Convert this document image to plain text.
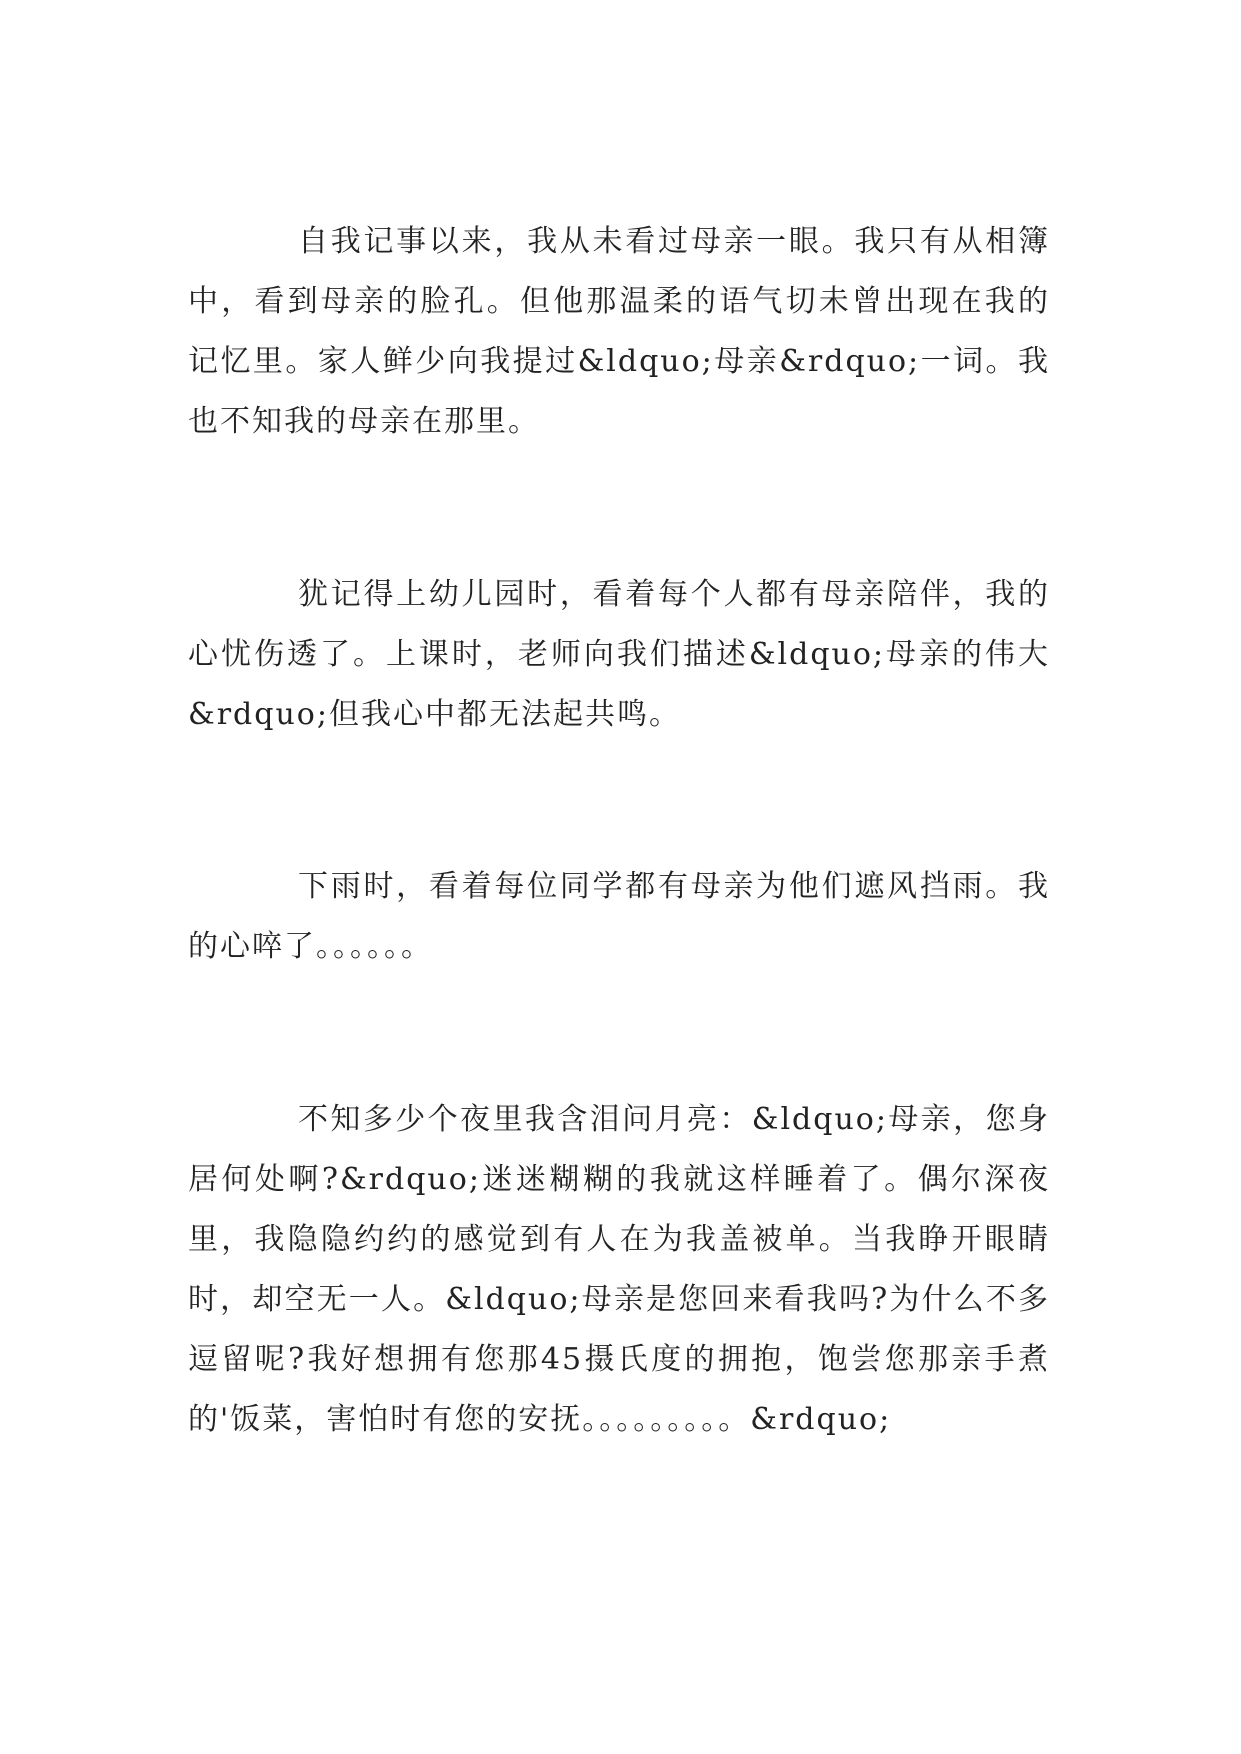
自我记事以来，我从未看过母亲一眼。我只有从相簿中，看到母亲的脸孔。但他那温柔的语气切未曾出现在我的记忆里。家人鲜少向我提过&ldquo;母亲&rdquo;一词。我也不知我的母亲在那里。

犹记得上幼儿园时，看着每个人都有母亲陪伴，我的心忧伤透了。上课时，老师向我们描述&ldquo;母亲的伟大&rdquo;但我心中都无法起共鸣。

下雨时，看着每位同学都有母亲为他们遮风挡雨。我的心啐了。。。。。。

不知多少个夜里我含泪问月亮：&ldquo;母亲，您身居何处啊?&rdquo;迷迷糊糊的我就这样睡着了。偶尔深夜里，我隐隐约约的感觉到有人在为我盖被单。当我睁开眼睛时，却空无一人。&ldquo;母亲是您回来看我吗?为什么不多逗留呢?我好想拥有您那45摄氏度的拥抱，饱尝您那亲手煮的'饭菜，害怕时有您的安抚。。。。。。。。。&rdquo;
